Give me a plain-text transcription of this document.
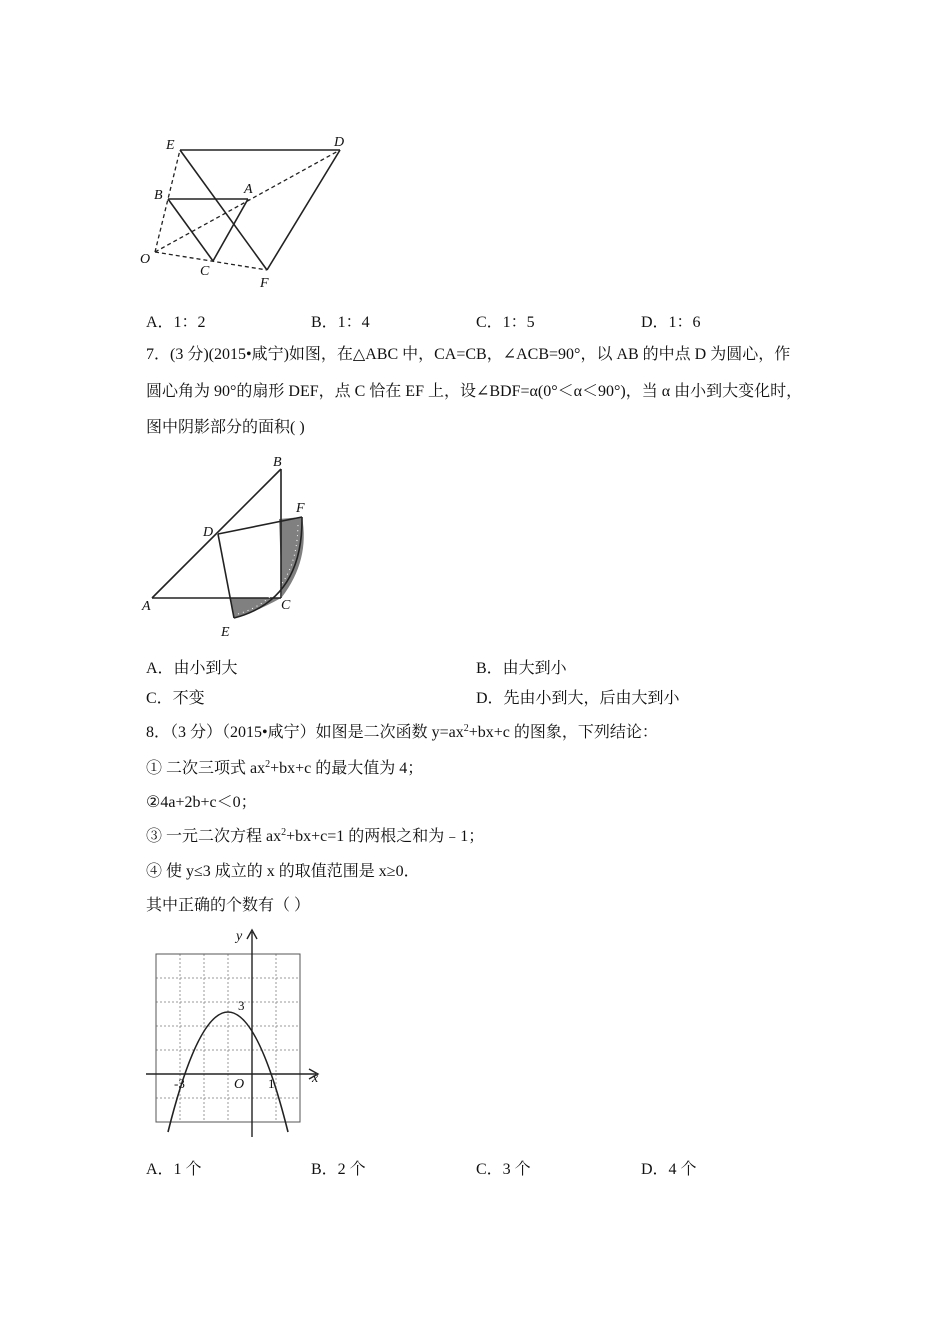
E	D
B	A
O
C
F
A．1：2	B．1：4	C．1：5	D．1：6
7．(3 分)(2015•咸宁)如图，在△ABC 中，CA=CB，∠ACB=90°，以 AB 的中点 D 为圆心，作
圆心角为 90°的扇形 DEF，点 C 恰在 EF 上，设∠BDF=α(0°＜α＜90°)，当 α 由小到大变化时，
图中阴影部分的面积( )
B
F
D
A	C
E
A．由小到大	B．由大到小
C．不变	D．先由小到大，后由大到小
8．（3 分）（2015•咸宁）如图是二次函数 $y=ax^2+bx+c$ 的图象，下列结论：
① 二次三项式 $ax^2+bx+c$ 的最大值为 4；
②4a+2b+c＜0；
③ 一元二次方程 $ax^2+bx+c=1$ 的两根之和为﹣1；
④ 使 y≤3 成立的 x 的取值范围是 x≥0．
其中正确的个数有（ ）
y
x
3
-3	O 1
A．1 个	B．2 个	C．3 个	D．4 个
